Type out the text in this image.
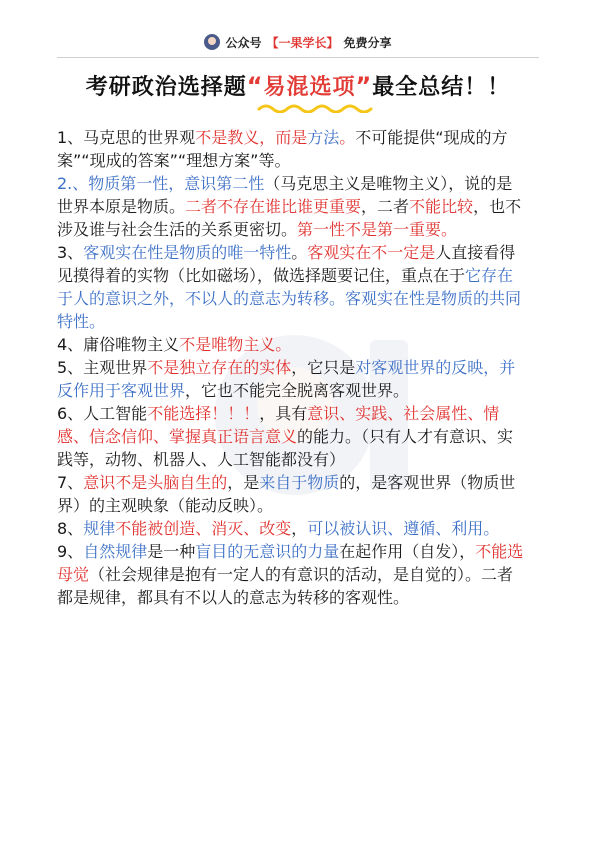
公众号 【一果学长】 免费分享
考研政治选择题“易混选项
”最全总结！！

1、马克思的世界观不是教义，而是方法。不可能提供“现成的方案”“现成的答案”“理想方案”等。

2.、物质第一性，意识第二性（马克思主义是唯物主义），说的是世界本原是物质。二者不存在谁比谁更重要，二者不能比较，也不涉及谁与社会生活的关系更密切。第一性不是第一重要。

3、客观实在性是物质的唯一特性。客观实在不一定是人直接看得见摸得着的实物（比如磁场），做选择题要记住，重点在于它存在于人的意识之外，不以人的意志为转移。客观实在性是物质的共同特性。

4、庸俗唯物主义不是唯物主义。

5、主观世界不是独立存在的实体，它只是对客观世界的反映，并反作用于客观世界，它也不能完全脱离客观世界。

6、人工智能不能选择！！！，具有意识、实践、社会属性、情感、信念信仰、掌握真正语言意义的能力。（只有人才有意识、实践等，动物、机器人、人工智能都没有）

7、意识不是头脑自生的，是来自于物质的，是客观世界（物质世界）的主观映象（能动反映）。

8、规律不能被创造、消灭、改变，可以被认识、遵循、利用。

9、自然规律是一种盲目的无意识的力量在起作用（自发），不能选母觉（社会规律是抱有一定人的有意识的活动，是自觉的）。二者都是规律，都具有不以人的意志为转移的客观性。
